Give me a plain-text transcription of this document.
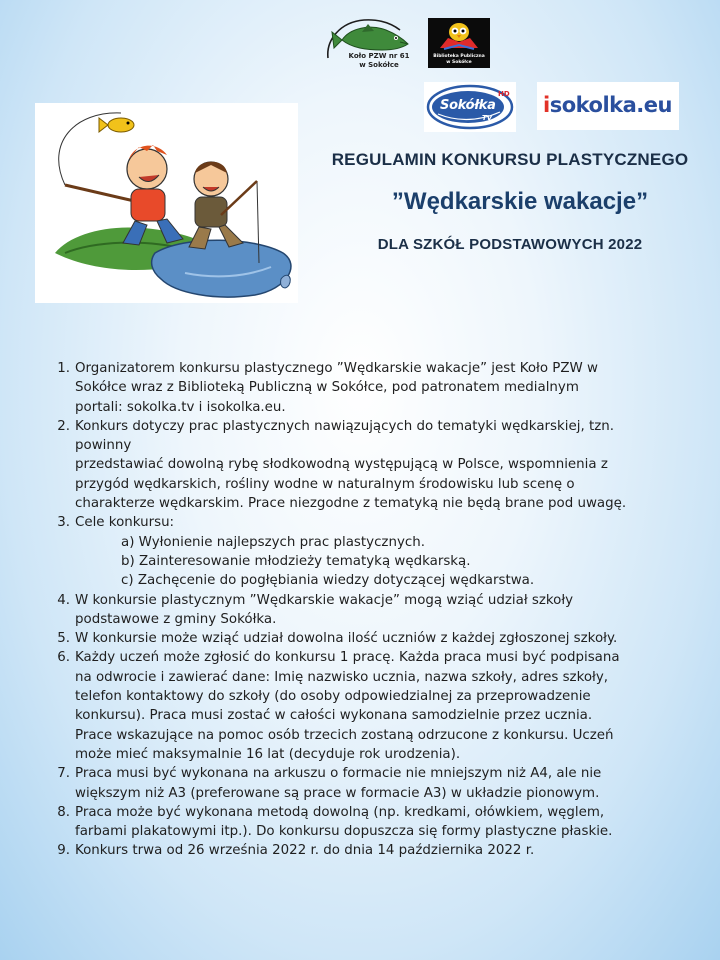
Koło PZW nr 61
w Sokółce
Biblioteka Publiczna
w Sokółce
Sokółka
HD
TV
isokolka.eu
REGULAMIN KONKURSU PLASTYCZNEGO
”Wędkarskie wakacje”
DLA SZKÓŁ PODSTAWOWYCH 2022
1. Organizatorem konkursu plastycznego ”Wędkarskie wakacje” jest Koło PZW w

Sokółce wraz z Biblioteką Publiczną w Sokółce, pod patronatem medialnym

portali: sokolka.tv i isokolka.eu.

2. Konkurs dotyczy prac plastycznych nawiązujących do tematyki wędkarskiej, tzn.

powinny

przedstawiać dowolną rybę słodkowodną występującą w Polsce, wspomnienia z

przygód wędkarskich, rośliny wodne w naturalnym środowisku lub scenę o

charakterze wędkarskim. Prace niezgodne z tematyką nie będą brane pod uwagę.

3. Cele konkursu:

a) Wyłonienie najlepszych prac plastycznych.

b) Zainteresowanie młodzieży tematyką wędkarską.

c) Zachęcenie do pogłębiania wiedzy dotyczącej wędkarstwa.

4. W konkursie plastycznym ”Wędkarskie wakacje” mogą wziąć udział szkoły

podstawowe z gminy Sokółka.

5. W konkursie może wziąć udział dowolna ilość uczniów z każdej zgłoszonej szkoły.

6. Każdy uczeń może zgłosić do konkursu 1 pracę. Każda praca musi być podpisana

na odwrocie i zawierać dane: Imię nazwisko ucznia, nazwa szkoły, adres szkoły,

telefon kontaktowy do szkoły (do osoby odpowiedzialnej za przeprowadzenie

konkursu). Praca musi zostać w całości wykonana samodzielnie przez ucznia.

Prace wskazujące na pomoc osób trzecich zostaną odrzucone z konkursu. Uczeń

może mieć maksymalnie 16 lat (decyduje rok urodzenia).

7. Praca musi być wykonana na arkuszu o formacie nie mniejszym niż A4, ale nie

większym niż A3 (preferowane są prace w formacie A3) w układzie pionowym.

8. Praca może być wykonana metodą dowolną (np. kredkami, ołówkiem, węglem,

farbami plakatowymi itp.). Do konkursu dopuszcza się formy plastyczne płaskie.

9. Konkurs trwa od 26 września 2022 r. do dnia 14 października 2022 r.
